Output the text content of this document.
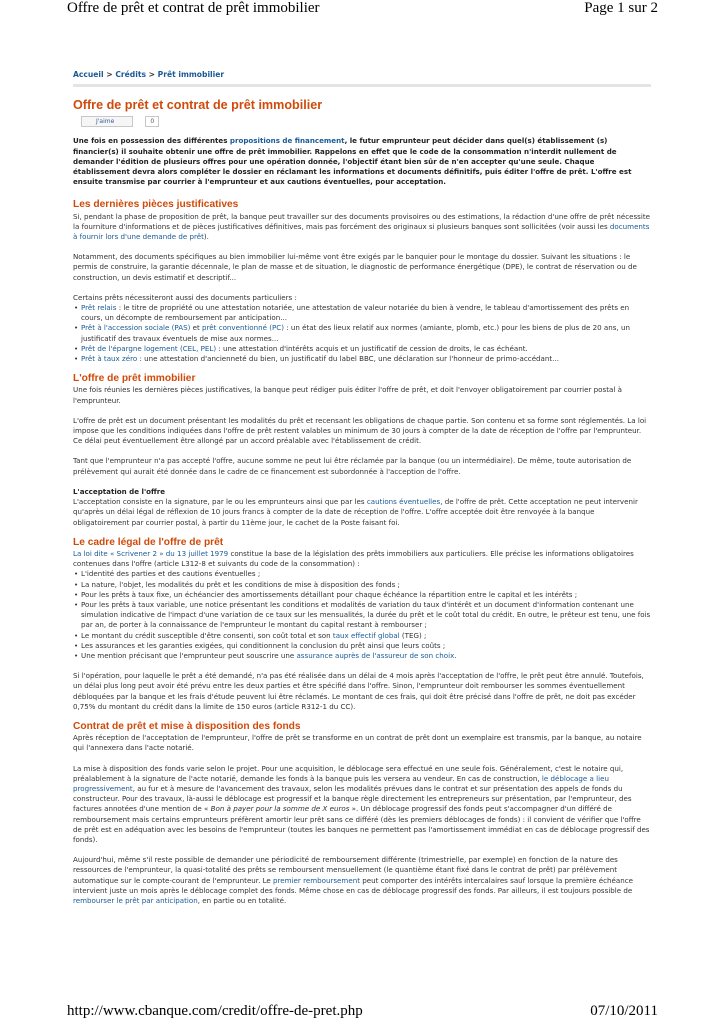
Offre de prêt et contrat de prêt immobilier	Page 1 sur 2
Accueil > Crédits > Prêt immobilier
Offre de prêt et contrat de prêt immobilier
J'aime	0

Une fois en possession des différentes propositions de financement, le futur emprunteur peut décider dans quel(s) établissement (s) financier(s) il souhaite obtenir une offre de prêt immobilier. Rappelons en effet que le code de la consommation n'interdit nullement de demander l'édition de plusieurs offres pour une opération donnée, l'objectif étant bien sûr de n'en accepter qu'une seule. Chaque établissement devra alors compléter le dossier en réclamant les informations et documents définitifs, puis éditer l'offre de prêt. L'offre est ensuite transmise par courrier à l'emprunteur et aux cautions éventuelles, pour acceptation.

Les dernières pièces justificatives

Si, pendant la phase de proposition de prêt, la banque peut travailler sur des documents provisoires ou des estimations, la rédaction d'une offre de prêt nécessite la fourniture d'informations et de pièces justificatives définitives, mais pas forcément des originaux si plusieurs banques sont sollicitées (voir aussi les documents à fournir lors d'une demande de prêt).

Notamment, des documents spécifiques au bien immobilier lui-même vont être exigés par le banquier pour le montage du dossier. Suivant les situations : le permis de construire, la garantie décennale, le plan de masse et de situation, le diagnostic de performance énergétique (DPE), le contrat de réservation ou de construction, un devis estimatif et descriptif...

Certains prêts nécessiteront aussi des documents particuliers :
• Prêt relais : le titre de propriété ou une attestation notariée, une attestation de valeur notariée du bien à vendre, le tableau d'amortissement des prêts en cours, un décompte de remboursement par anticipation...
• Prêt à l'accession sociale (PAS) et prêt conventionné (PC) : un état des lieux relatif aux normes (amiante, plomb, etc.) pour les biens de plus de 20 ans, un justificatif des travaux éventuels de mise aux normes...
• Prêt de l'épargne logement (CEL, PEL) : une attestation d'intérêts acquis et un justificatif de cession de droits, le cas échéant.
• Prêt à taux zéro : une attestation d'ancienneté du bien, un justificatif du label BBC, une déclaration sur l'honneur de primo-accédant...
L'offre de prêt immobilier

Une fois réunies les dernières pièces justificatives, la banque peut rédiger puis éditer l'offre de prêt, et doit l'envoyer obligatoirement par courrier postal à l'emprunteur.

L'offre de prêt est un document présentant les modalités du prêt et recensant les obligations de chaque partie. Son contenu et sa forme sont réglementés. La loi impose que les conditions indiquées dans l'offre de prêt restent valables un minimum de 30 jours à compter de la date de réception de l'offre par l'emprunteur. Ce délai peut éventuellement être allongé par un accord préalable avec l'établissement de crédit.

Tant que l'emprunteur n'a pas accepté l'offre, aucune somme ne peut lui être réclamée par la banque (ou un intermédiaire). De même, toute autorisation de prélèvement qui aurait été donnée dans le cadre de ce financement est subordonnée à l'acception de l'offre.

L'acceptation de l'offre

L'acceptation consiste en la signature, par le ou les emprunteurs ainsi que par les cautions éventuelles, de l'offre de prêt. Cette acceptation ne peut intervenir qu'après un délai légal de réflexion de 10 jours francs à compter de la date de réception de l'offre. L'offre acceptée doit être renvoyée à la banque obligatoirement par courrier postal, à partir du 11ème jour, le cachet de la Poste faisant foi.

Le cadre légal de l'offre de prêt
La loi dite « Scrivener 2 » du 13 juillet 1979 constitue la base de la législation des prêts immobiliers aux particuliers. Elle précise les informations obligatoires contenues dans l'offre (article L312-8 et suivants du code de la consommation) :
• L'identité des parties et des cautions éventuelles ;
• La nature, l'objet, les modalités du prêt et les conditions de mise à disposition des fonds ;
• Pour les prêts à taux fixe, un échéancier des amortissements détaillant pour chaque échéance la répartition entre le capital et les intérêts ;
• Pour les prêts à taux variable, une notice présentant les conditions et modalités de variation du taux d'intérêt et un document d'information contenant une simulation indicative de l'impact d'une variation de ce taux sur les mensualités, la durée du prêt et le coût total du crédit. En outre, le prêteur est tenu, une fois par an, de porter à la connaissance de l'emprunteur le montant du capital restant à rembourser ;
• Le montant du crédit susceptible d'être consenti, son coût total et son taux effectif global (TEG) ;
• Les assurances et les garanties exigées, qui conditionnent la conclusion du prêt ainsi que leurs coûts ;
• Une mention précisant que l'emprunteur peut souscrire une assurance auprès de l'assureur de son choix.

Si l'opération, pour laquelle le prêt a été demandé, n'a pas été réalisée dans un délai de 4 mois après l'acceptation de l'offre, le prêt peut être annulé. Toutefois, un délai plus long peut avoir été prévu entre les deux parties et être spécifié dans l'offre. Sinon, l'emprunteur doit rembourser les sommes éventuellement débloquées par la banque et les frais d'étude peuvent lui être réclamés. Le montant de ces frais, qui doit être précisé dans l'offre de prêt, ne doit pas excéder 0,75% du montant du crédit dans la limite de 150 euros (article R312-1 du CC).

Contrat de prêt et mise à disposition des fonds

Après réception de l'acceptation de l'emprunteur, l'offre de prêt se transforme en un contrat de prêt dont un exemplaire est transmis, par la banque, au notaire qui l'annexera dans l'acte notarié.

La mise à disposition des fonds varie selon le projet. Pour une acquisition, le déblocage sera effectué en une seule fois. Généralement, c'est le notaire qui, préalablement à la signature de l'acte notarié, demande les fonds à la banque puis les versera au vendeur. En cas de construction, le déblocage a lieu progressivement, au fur et à mesure de l'avancement des travaux, selon les modalités prévues dans le contrat et sur présentation des appels de fonds du constructeur. Pour des travaux, là-aussi le déblocage est progressif et la banque règle directement les entrepreneurs sur présentation, par l'emprunteur, des factures annotées d'une mention de « Bon à payer pour la somme de X euros ». Un déblocage progressif des fonds peut s'accompagner d'un différé de remboursement mais certains emprunteurs préfèrent amortir leur prêt sans ce différé (dès les premiers déblocages de fonds) : il convient de vérifier que l'offre de prêt est en adéquation avec les besoins de l'emprunteur (toutes les banques ne permettent pas l'amortissement immédiat en cas de déblocage progressif des fonds).

Aujourd'hui, même s'il reste possible de demander une périodicité de remboursement différente (trimestrielle, par exemple) en fonction de la nature des ressources de l'emprunteur, la quasi-totalité des prêts se remboursent mensuellement (le quantième étant fixé dans le contrat de prêt) par prélèvement automatique sur le compte-courant de l'emprunteur. Le premier remboursement peut comporter des intérêts intercalaires sauf lorsque la première échéance intervient juste un mois après le déblocage complet des fonds. Même chose en cas de déblocage progressif des fonds. Par ailleurs, il est toujours possible de rembourser le prêt par anticipation, en partie ou en totalité.

http://www.cbanque.com/credit/offre-de-pret.php	07/10/2011
